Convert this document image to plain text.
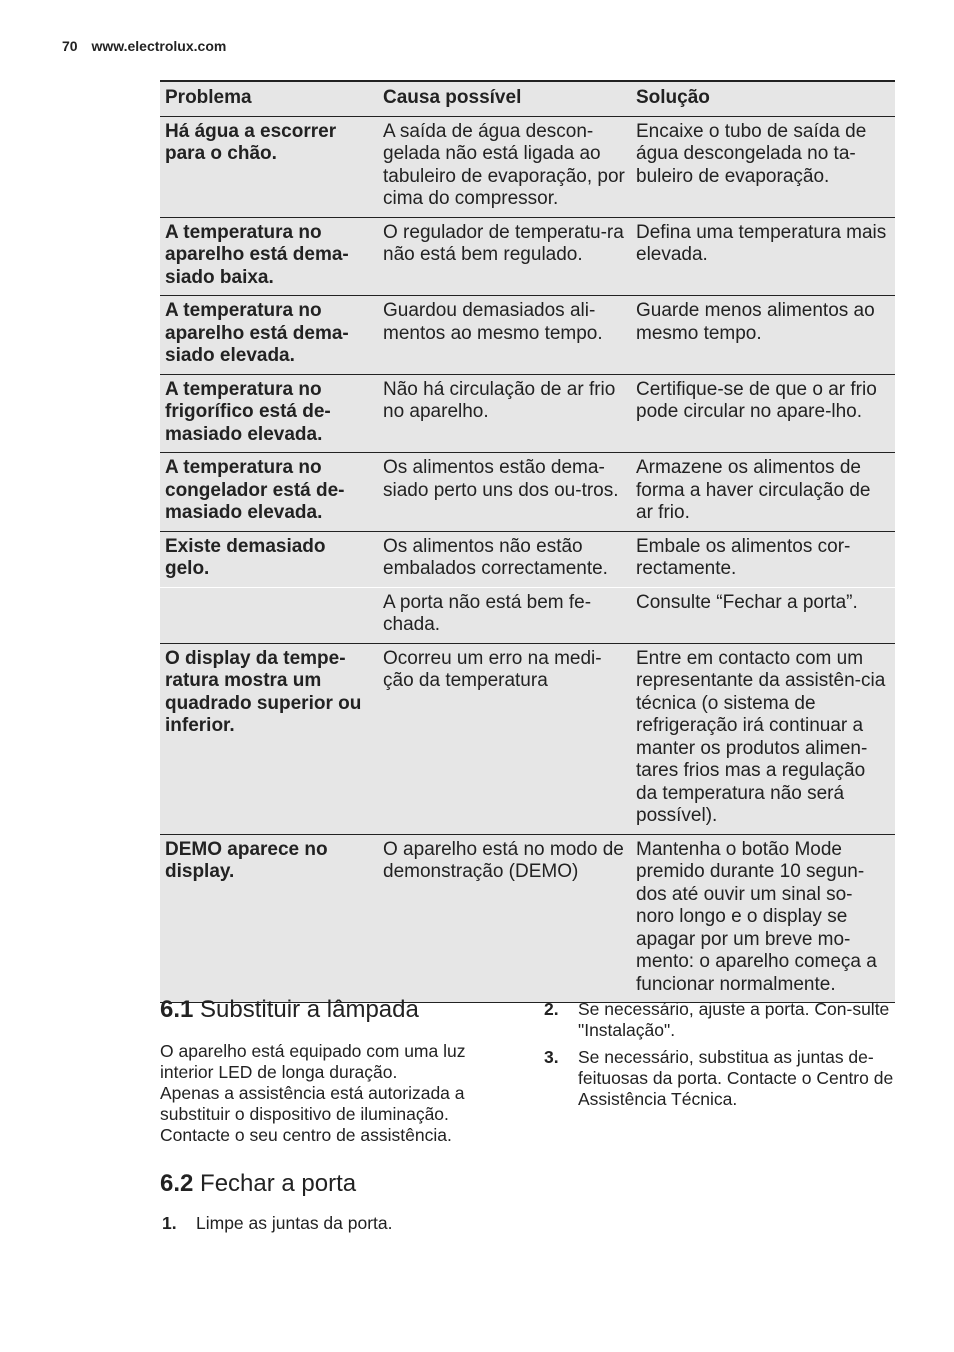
70 www.electrolux.com
Problema	Causa possível	Solução
Há água a escorrer para o chão.	A saída de água descon-gelada não está ligada ao tabuleiro de evaporação, por cima do compressor.	Encaixe o tubo de saída de água descongelada no ta-buleiro de evaporação.
A temperatura no aparelho está dema-siado baixa.	O regulador de temperatu-ra não está bem regulado.	Defina uma temperatura mais elevada.
A temperatura no aparelho está dema-siado elevada.	Guardou demasiados ali-mentos ao mesmo tempo.	Guarde menos alimentos ao mesmo tempo.
A temperatura no frigorífico está de-masiado elevada.	Não há circulação de ar frio no aparelho.	Certifique-se de que o ar frio pode circular no apare-lho.
A temperatura no congelador está de-masiado elevada.	Os alimentos estão dema-siado perto uns dos ou-tros.	Armazene os alimentos de forma a haver circulação de ar frio.
Existe demasiado gelo.	Os alimentos não estão embalados correctamente.	Embale os alimentos cor-rectamente.
	A porta não está bem fe-chada.	Consulte “Fechar a porta”.
O display da tempe-ratura mostra um quadrado superior ou inferior.	Ocorreu um erro na medi-ção da temperatura	Entre em contacto com um representante da assistên-cia técnica (o sistema de refrigeração irá continuar a manter os produtos alimen-tares frios mas a regulação da temperatura não será possível).
DEMO aparece no display.	O aparelho está no modo de demonstração (DEMO)	Mantenha o botão Mode premido durante 10 segun-dos até ouvir um sinal so-noro longo e o display se apagar por um breve mo-mento: o aparelho começa a funcionar normalmente.
6.1 Substituir a lâmpada
O aparelho está equipado com uma luz interior LED de longa duração.
Apenas a assistência está autorizada a substituir o dispositivo de iluminação. Contacte o seu centro de assistência.
6.2 Fechar a porta
1.	Limpe as juntas da porta.
2.	Se necessário, ajuste a porta. Con-sulte "Instalação".
3.	Se necessário, substitua as juntas de-feituosas da porta. Contacte o Centro de Assistência Técnica.
